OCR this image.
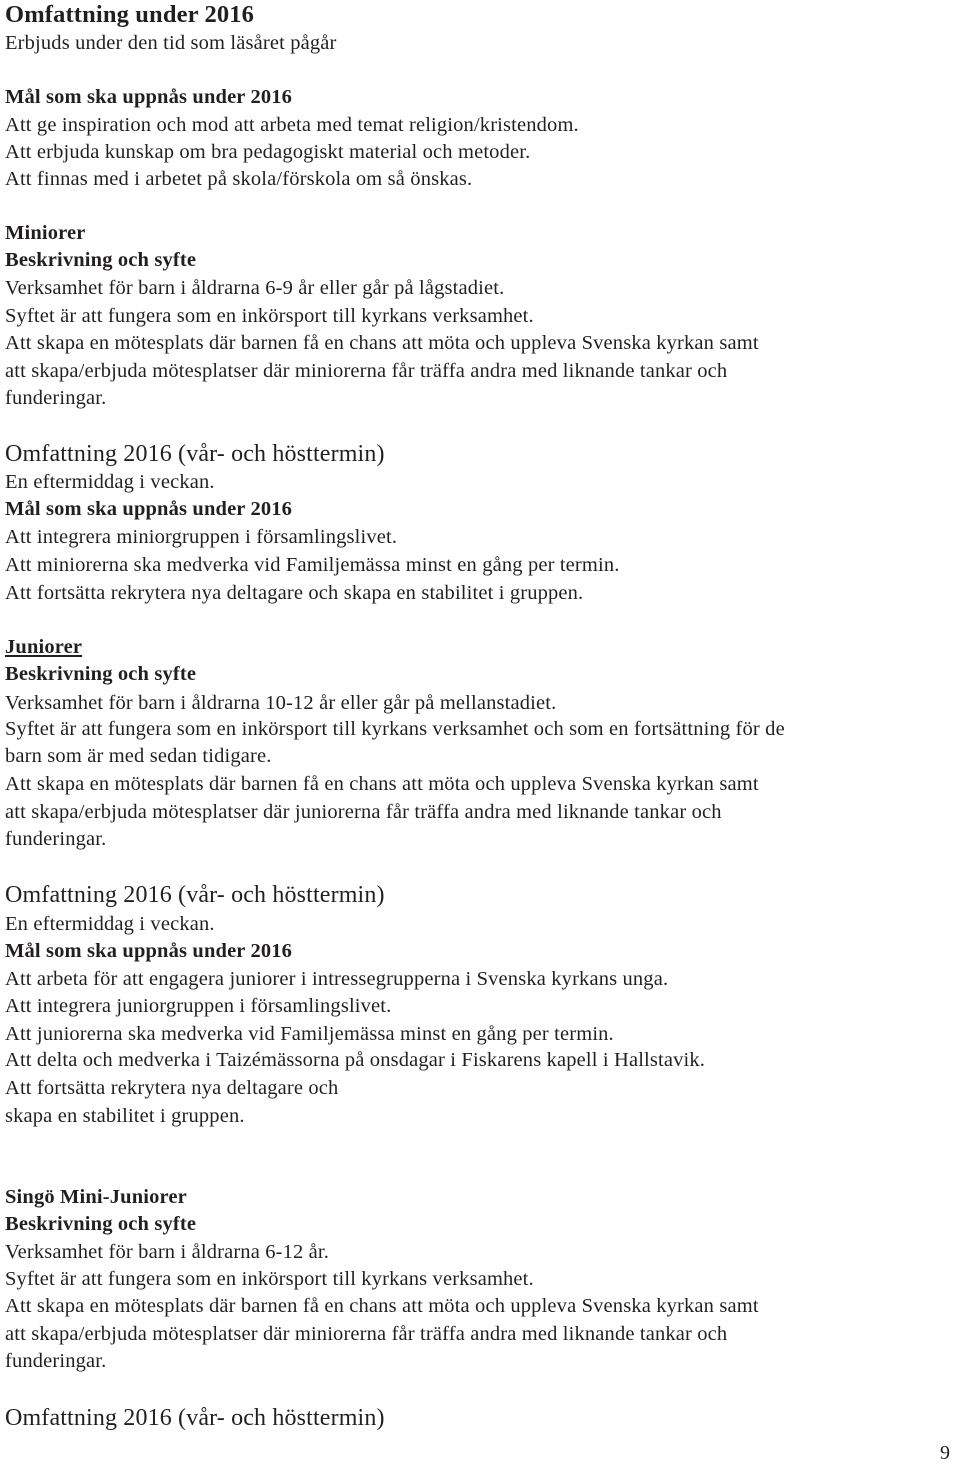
Omfattning under 2016
Erbjuds under den tid som läsåret pågår
Mål som ska uppnås under 2016
Att ge inspiration och mod att arbeta med temat religion/kristendom.
Att erbjuda kunskap om bra pedagogiskt material och metoder.
Att finnas med i arbetet på skola/förskola om så önskas.
Miniorer
Beskrivning och syfte
Verksamhet för barn i åldrarna 6-9 år eller går på lågstadiet.
Syftet är att fungera som en inkörsport till kyrkans verksamhet.
Att skapa en mötesplats där barnen få en chans att möta och uppleva Svenska kyrkan samt
att skapa/erbjuda mötesplatser där miniorerna får träffa andra med liknande tankar och
funderingar.
Omfattning 2016 (vår- och hösttermin)
En eftermiddag i veckan.
Mål som ska uppnås under 2016
Att integrera miniorgruppen i församlingslivet.
Att miniorerna ska medverka vid Familjemässa minst en gång per termin.
Att fortsätta rekrytera nya deltagare och skapa en stabilitet i gruppen.
Juniorer
Beskrivning och syfte
Verksamhet för barn i åldrarna 10-12 år eller går på mellanstadiet.
Syftet är att fungera som en inkörsport till kyrkans verksamhet och som en fortsättning för de
barn som är med sedan tidigare.
Att skapa en mötesplats där barnen få en chans att möta och uppleva Svenska kyrkan samt
att skapa/erbjuda mötesplatser där juniorerna får träffa andra med liknande tankar och
funderingar.
Omfattning 2016 (vår- och hösttermin)
En eftermiddag i veckan.
Mål som ska uppnås under 2016
Att arbeta för att engagera juniorer i intressegrupperna i Svenska kyrkans unga.
Att integrera juniorgruppen i församlingslivet.
Att juniorerna ska medverka vid Familjemässa minst en gång per termin.
Att delta och medverka i Taizémässorna på onsdagar i Fiskarens kapell i Hallstavik.
Att fortsätta rekrytera nya deltagare och
skapa en stabilitet i gruppen.
Singö Mini-Juniorer
Beskrivning och syfte
Verksamhet för barn i åldrarna 6-12 år.
Syftet är att fungera som en inkörsport till kyrkans verksamhet.
Att skapa en mötesplats där barnen få en chans att möta och uppleva Svenska kyrkan samt
att skapa/erbjuda mötesplatser där miniorerna får träffa andra med liknande tankar och
funderingar.
Omfattning 2016 (vår- och hösttermin)
9
